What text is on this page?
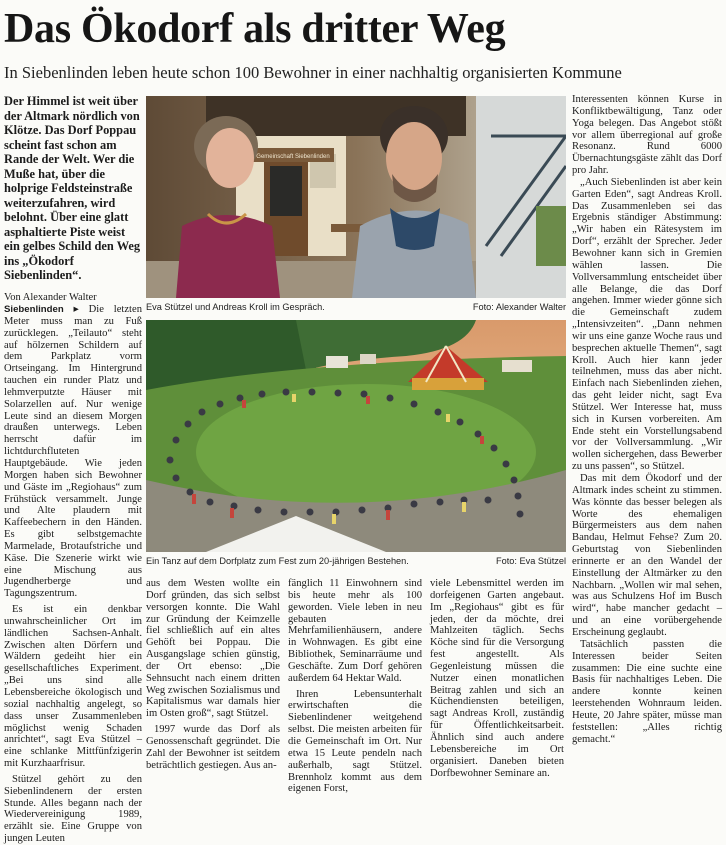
Das Ökodorf als dritter Weg

In Siebenlinden leben heute schon 100 Bewohner in einer nachhaltig organisierten Kommune

Der Himmel ist weit über der Altmark nördlich von Klötze. Das Dorf Poppau scheint fast schon am Rande der Welt. Wer die Muße hat, über die holprige Feldsteinstraße weiterzufahren, wird belohnt. Über eine glatt asphaltierte Piste weist ein gelbes Schild den Weg ins „Ökodorf Siebenlinden“.
Von Alexander Walter

Siebenlinden ▸ Die letzten Meter muss man zu Fuß zurücklegen. „Teilauto“ steht auf hölzernen Schildern auf dem Parkplatz vorm Ortseingang. Im Hintergrund tauchen ein runder Platz und lehmverputzte Häuser mit Solarzellen auf. Nur wenige Leute sind an diesem Morgen draußen unterwegs. Leben herrscht dafür im lichtdurchfluteten Hauptgebäude. Wie jeden Morgen haben sich Bewohner und Gäste im „Regiohaus“ zum Frühstück versammelt. Junge und Alte plaudern mit Kaffeebechern in den Händen. Es gibt selbstgemachte Marmelade, Brotaufstriche und Käse. Die Szenerie wirkt wie eine Mischung aus Jugendherberge und Tagungszentrum.

Es ist ein denkbar unwahrscheinlicher Ort im ländlichen Sachsen-Anhalt. Zwischen alten Dörfern und Wäldern gedeiht hier ein gesellschaftliches Experiment. „Bei uns sind alle Lebensbereiche ökologisch und sozial nachhaltig angelegt, so dass unser Zusammenleben möglichst wenig Schaden anrichtet“, sagt Eva Stützel – eine schlanke Mittfünfzigerin mit Kurzhaarfrisur.

Stützel gehört zu den Siebenlindenern der ersten Stunde. Alles begann nach der Wiedervereinigung 1989, erzählt sie. Eine Gruppe von jungen Leuten

Gemeinschaft Siebenlinden
Eva Stützel und Andreas Kroll im Gespräch.	Foto: Alexander Walter
Ein Tanz auf dem Dorfplatz zum Fest zum 20-jährigen Bestehen.	Foto: Eva Stützel

aus dem Westen wollte ein Dorf gründen, das sich selbst versorgen konnte. Die Wahl zur Gründung der Keimzelle fiel schließlich auf ein altes Gehöft bei Poppau. Die Ausgangslage schien günstig, der Ort ebenso: „Die Sehnsucht nach einem dritten Weg zwischen Sozialismus und Kapitalismus war damals hier im Osten groß“, sagt Stützel.

1997 wurde das Dorf als Genossenschaft gegründet. Die Zahl der Bewohner ist seitdem beträchtlich gestiegen. Aus an-

fänglich 11 Einwohnern sind bis heute mehr als 100 geworden. Viele leben in neu gebauten Mehrfamilienhäusern, andere in Wohnwagen. Es gibt eine Bibliothek, Seminarräume und Geschäfte. Zum Dorf gehören außerdem 64 Hektar Wald.

Ihren Lebensunterhalt erwirtschaften die Siebenlindener weitgehend selbst. Die meisten arbeiten für die Gemeinschaft im Ort. Nur etwa 15 Leute pendeln nach außerhalb, sagt Stützel. Brennholz kommt aus dem eigenen Forst,

viele Lebensmittel werden im dorfeigenen Garten angebaut. Im „Regiohaus“ gibt es für jeden, der da möchte, drei Mahlzeiten täglich. Sechs Köche sind für die Versorgung fest angestellt. Als Gegenleistung müssen die Nutzer einen monatlichen Beitrag zahlen und sich an Küchendiensten beteiligen, sagt Andreas Kroll, zuständig für Öffentlichkeitsarbeit. Ähnlich sind auch andere Lebensbereiche im Ort organisiert. Daneben bieten Dorfbewohner Seminare an.

Interessenten können Kurse in Konfliktbewältigung, Tanz oder Yoga belegen. Das Angebot stößt vor allem überregional auf große Resonanz. Rund 6000 Übernachtungsgäste zählt das Dorf pro Jahr.

„Auch Siebenlinden ist aber kein Garten Eden“, sagt Andreas Kroll. Das Zusammenleben sei das Ergebnis ständiger Abstimmung: „Wir haben ein Rätesystem im Dorf“, erzählt der Sprecher. Jeder Bewohner kann sich in Gremien wählen lassen. Die Vollversammlung entscheidet über alle Belange, die das Dorf angehen. Immer wieder gönne sich die Gemeinschaft zudem „Intensivzeiten“. „Dann nehmen wir uns eine ganze Woche raus und besprechen aktuelle Themen“, sagt Kroll. Auch hier kann jeder teilnehmen, muss das aber nicht. Einfach nach Siebenlinden ziehen, das geht leider nicht, sagt Eva Stützel. Wer Interesse hat, muss sich in Kursen vorbereiten. Am Ende steht ein Vorstellungsabend vor der Vollversammlung. „Wir wollen sichergehen, dass Bewerber zu uns passen“, so Stützel.

Das mit dem Ökodorf und der Altmark indes scheint zu stimmen. Was könnte das besser belegen als Worte des ehemaligen Bürgermeisters aus dem nahen Bandau, Helmut Fehse? Zum 20. Geburtstag von Siebenlinden erinnerte er an den Wandel der Einstellung der Altmärker zu den Nachbarn. „Wollen wir mal sehen, was aus Schulzens Hof im Busch wird“, habe mancher gedacht – und an eine vorübergehende Erscheinung geglaubt.

Tatsächlich passten die Interessen beider Seiten zusammen: Die eine suchte eine Basis für nachhaltiges Leben. Die andere konnte keinen leerstehenden Wohnraum leiden. Heute, 20 Jahre später, müsse man feststellen: „Alles richtig gemacht.“
